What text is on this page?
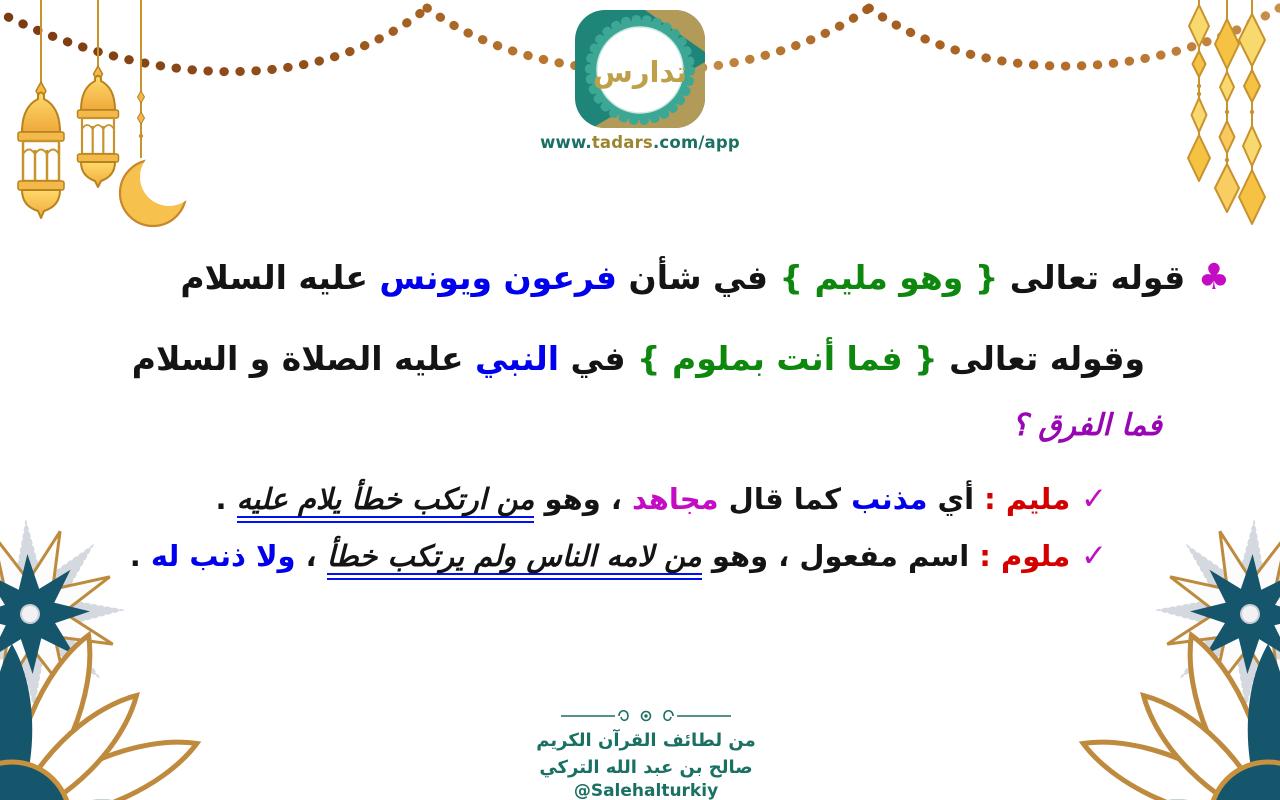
تدارس
www.tadars.com/app
♣ قوله تعالى { وهو مليم } في شأن فرعون ويونس عليه السلام
وقوله تعالى { فما أنت بملوم } في النبي عليه الصلاة و السلام
فما الفرق ؟
✓ مليم : أي مذنب كما قال مجاهد ، وهو من ارتكب خطأ يلام عليه .
✓ ملوم : اسم مفعول ، وهو من لامه الناس ولم يرتكب خطأ ، ولا ذنب له .
من لطائف القرآن الكريم
صالح بن عبد الله التركي
@Salehalturkiy
